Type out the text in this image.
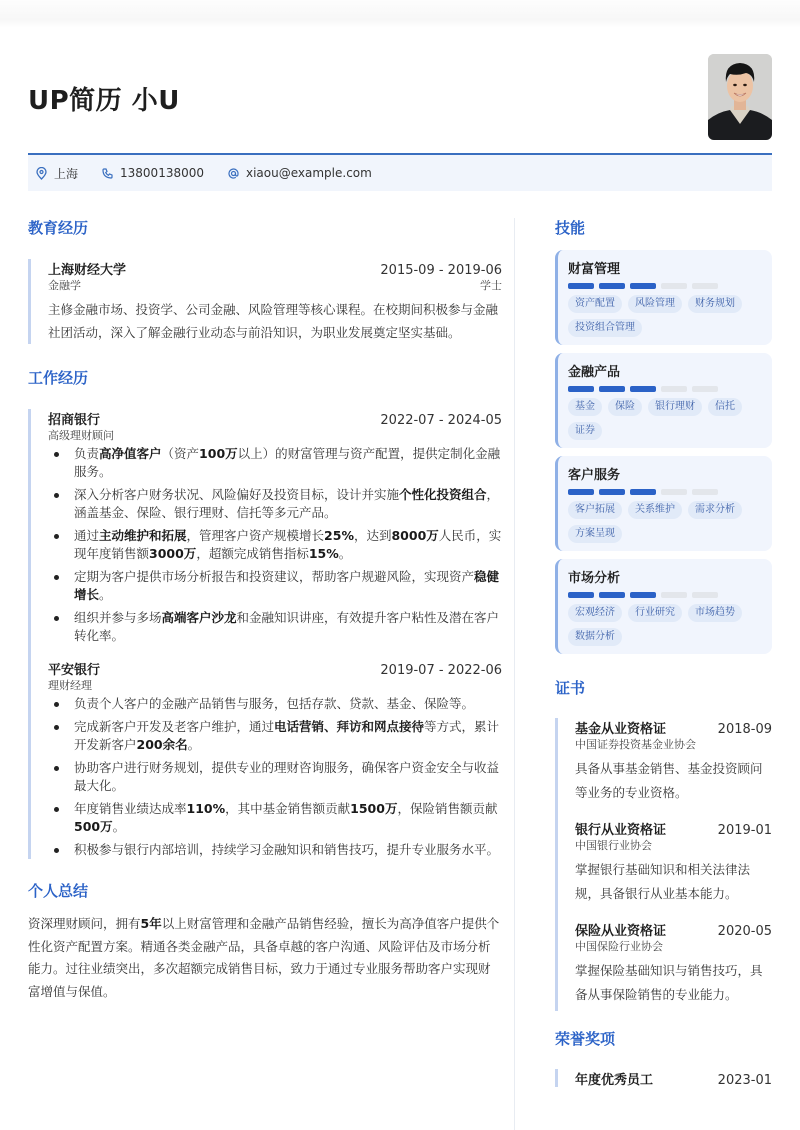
UP简历 小U
上海	13800138000	xiaou@example.com
教育经历
上海财经大学	2015-09 - 2019-06
金融学	学士
主修金融市场、投资学、公司金融、风险管理等核心课程。在校期间积极参与金融社团活动，深入了解金融行业动态与前沿知识，为职业发展奠定坚实基础。
工作经历
招商银行	2022-07 - 2024-05
高级理财顾问
负责高净值客户（资产100万以上）的财富管理与资产配置，提供定制化金融服务。
深入分析客户财务状况、风险偏好及投资目标，设计并实施个性化投资组合，涵盖基金、保险、银行理财、信托等多元产品。
通过主动维护和拓展，管理客户资产规模增长25%，达到8000万人民币，实现年度销售额3000万，超额完成销售指标15%。
定期为客户提供市场分析报告和投资建议，帮助客户规避风险，实现资产稳健增长。
组织并参与多场高端客户沙龙和金融知识讲座，有效提升客户粘性及潜在客户转化率。
平安银行	2019-07 - 2022-06
理财经理
负责个人客户的金融产品销售与服务，包括存款、贷款、基金、保险等。
完成新客户开发及老客户维护，通过电话营销、拜访和网点接待等方式，累计开发新客户200余名。
协助客户进行财务规划，提供专业的理财咨询服务，确保客户资金安全与收益最大化。
年度销售业绩达成率110%，其中基金销售额贡献1500万，保险销售额贡献500万。
积极参与银行内部培训，持续学习金融知识和销售技巧，提升专业服务水平。
个人总结
资深理财顾问，拥有5年以上财富管理和金融产品销售经验，擅长为高净值客户提供个性化资产配置方案。精通各类金融产品，具备卓越的客户沟通、风险评估及市场分析能力。过往业绩突出，多次超额完成销售目标，致力于通过专业服务帮助客户实现财富增值与保值。
技能
财富管理
资产配置	风险管理	财务规划
投资组合管理
金融产品
基金	保险	银行理财	信托
证券
客户服务
客户拓展	关系维护	需求分析
方案呈现
市场分析
宏观经济	行业研究	市场趋势
数据分析
证书
基金从业资格证	2018-09
中国证券投资基金业协会
具备从事基金销售、基金投资顾问等业务的专业资格。
银行从业资格证	2019-01
中国银行业协会
掌握银行基础知识和相关法律法规，具备银行从业基本能力。
保险从业资格证	2020-05
中国保险行业协会
掌握保险基础知识与销售技巧，具备从事保险销售的专业能力。
荣誉奖项
年度优秀员工	2023-01
